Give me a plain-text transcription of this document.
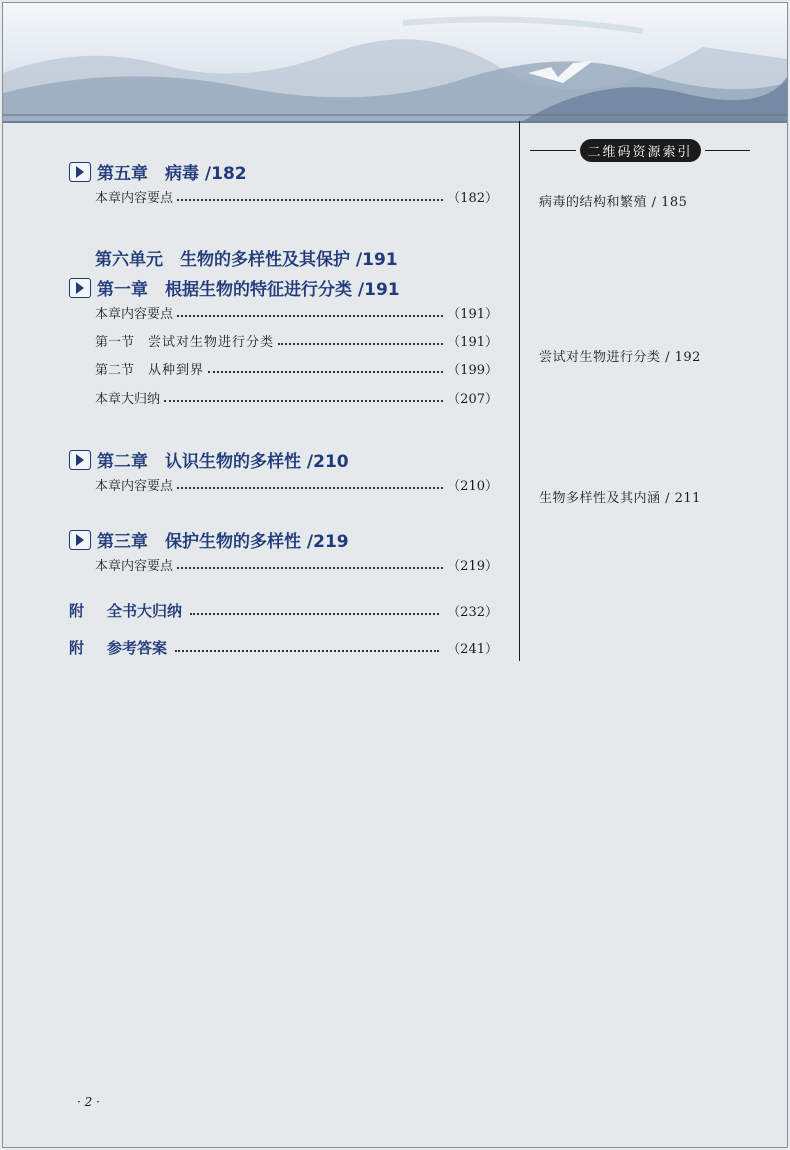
第五章　病毒 /182
本章内容要点	（182）
第六单元　生物的多样性及其保护 /191
第一章　根据生物的特征进行分类 /191
本章内容要点	（191）
第一节 尝试对生物进行分类	（191）
第二节 从种到界	（199）
本章大归纳	（207）
第二章　认识生物的多样性 /210
本章内容要点	（210）
第三章　保护生物的多样性 /219
本章内容要点	（219）
附	全书大归纳	（232）
附	参考答案	（241）
二维码资源索引
病毒的结构和繁殖 / 185
尝试对生物进行分类 / 192
生物多样性及其内涵 / 211
· 2 ·
